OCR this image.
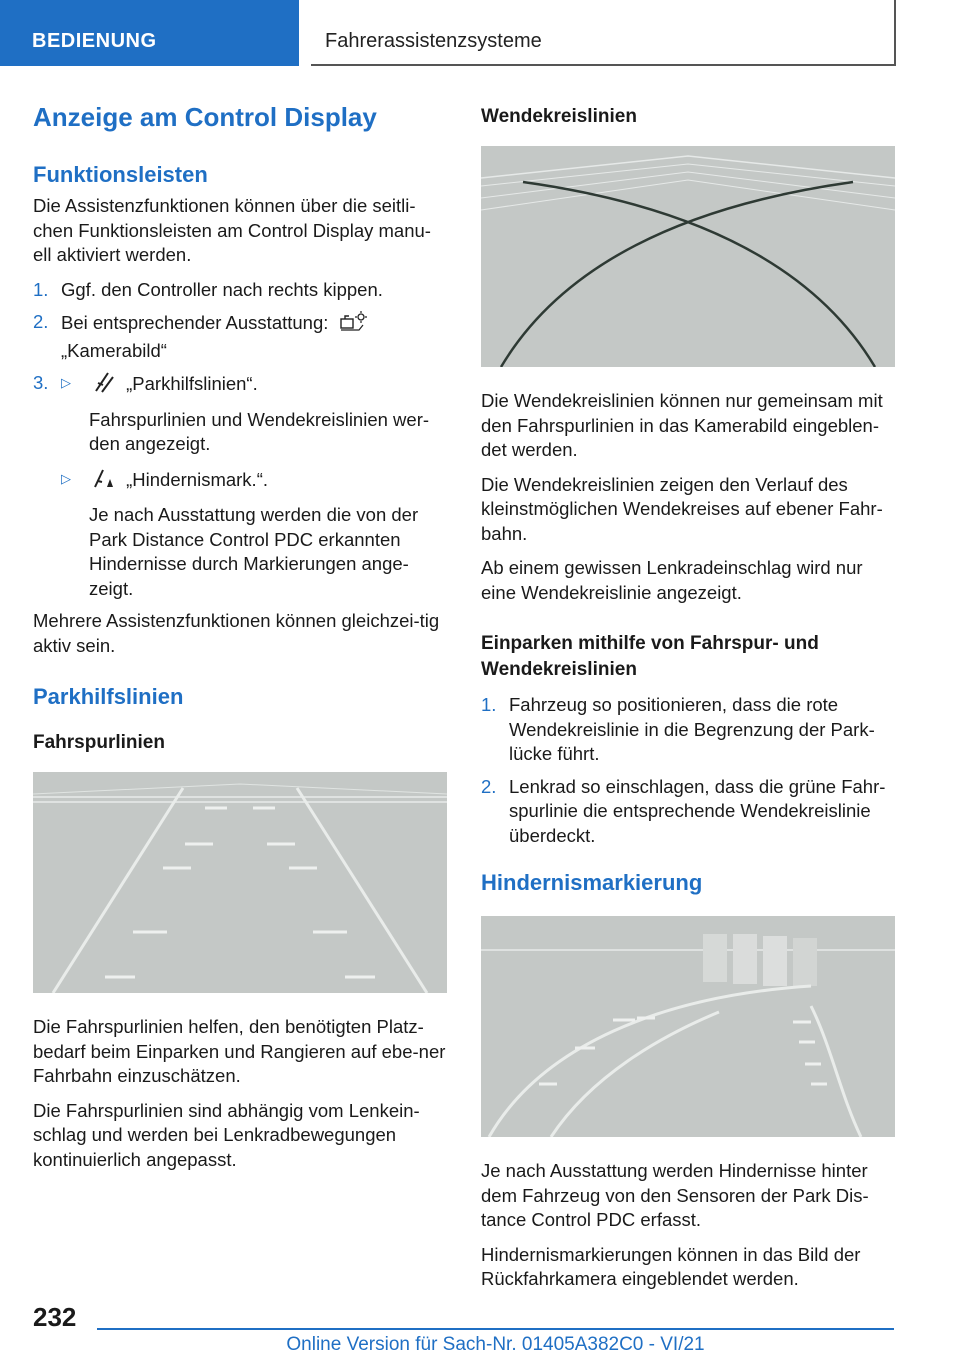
BEDIENUNG	Fahrerassistenzsysteme
Anzeige am Control Display
Funktionsleisten

Die Assistenzfunktionen können über die seitli-chen Funktionsleisten am Control Display manu-ell aktiviert werden.

1. Ggf. den Controller nach rechts kippen.
2. Bei entsprechender Ausstattung:
„Kamerabild“
3. ▷	„Parkhilfslinien“.
Fahrspurlinien und Wendekreislinien wer-den angezeigt.
▷	„Hindernismark.“.
Je nach Ausstattung werden die von der Park Distance Control PDC erkannten Hindernisse durch Markierungen ange-zeigt.

Mehrere Assistenzfunktionen können gleichzei-tig aktiv sein.

Parkhilfslinien
Fahrspurlinien

Die Fahrspurlinien helfen, den benötigten Platz-bedarf beim Einparken und Rangieren auf ebe-ner Fahrbahn einzuschätzen.

Die Fahrspurlinien sind abhängig vom Lenkein-schlag und werden bei Lenkradbewegungen kontinuierlich angepasst.

Wendekreislinien

Die Wendekreislinien können nur gemeinsam mit den Fahrspurlinien in das Kamerabild eingeblen-det werden.

Die Wendekreislinien zeigen den Verlauf des kleinstmöglichen Wendekreises auf ebener Fahr-bahn.

Ab einem gewissen Lenkradeinschlag wird nur eine Wendekreislinie angezeigt.

Einparken mithilfe von Fahrspur- und Wendekreislinien
1. Fahrzeug so positionieren, dass die rote Wendekreislinie in die Begrenzung der Park-lücke führt.
2. Lenkrad so einschlagen, dass die grüne Fahr-spurlinie die entsprechende Wendekreislinie überdeckt.
Hindernismarkierung

Je nach Ausstattung werden Hindernisse hinter dem Fahrzeug von den Sensoren der Park Dis-tance Control PDC erfasst.

Hindernismarkierungen können in das Bild der Rückfahrkamera eingeblendet werden.

232
Online Version für Sach-Nr. 01405A382C0 - VI/21
